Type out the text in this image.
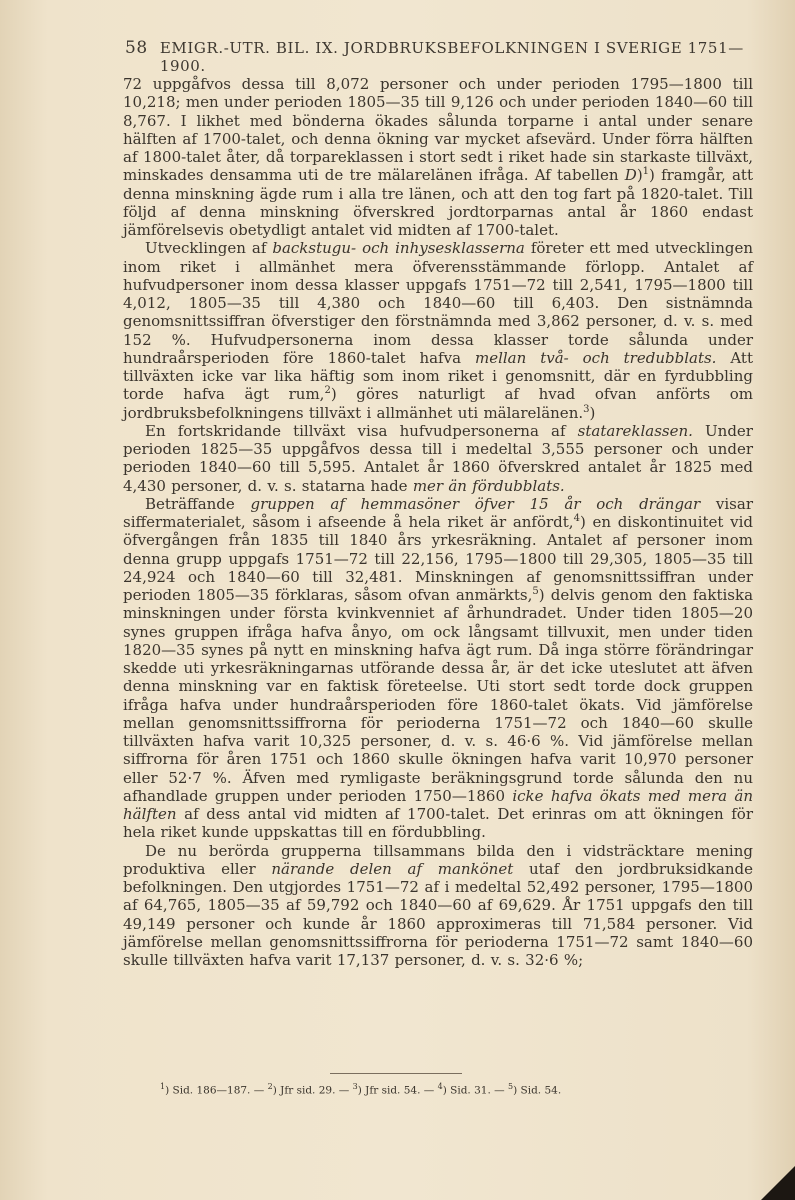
58 EMIGR.-UTR. BIL. IX. JORDBRUKSBEFOLKNINGEN I SVERIGE 1751—1900.

72 uppgåfvos dessa till 8,072 personer och under perioden 1795—1800 till 10,218; men under perioden 1805—35 till 9,126 och under perioden 1840—60 till 8,767. I likhet med bönderna ökades sålunda torparne i antal under senare hälften af 1700-talet, och denna ökning var mycket afsevärd. Under förra hälften af 1800-talet åter, då torpareklassen i stort sedt i riket hade sin starkaste tillväxt, minskades densamma uti de tre mälarelänen ifråga. Af tabellen D)$^1$) framgår, att denna minskning ägde rum i alla tre länen, och att den tog fart på 1820-talet. Till följd af denna minskning öfverskred jordtorparnas antal år 1860 endast jämförelsevis obetydligt antalet vid midten af 1700-talet.

Utvecklingen af backstugu- och inhysesklasserna företer ett med utvecklingen inom riket i allmänhet mera öfverensstämmande förlopp. Antalet af hufvudpersoner inom dessa klasser uppgafs 1751—72 till 2,541, 1795—1800 till 4,012, 1805—35 till 4,380 och 1840—60 till 6,403. Den sistnämnda genomsnittssiffran öfverstiger den förstnämnda med 3,862 personer, d. v. s. med 152 %. Hufvudpersonerna inom dessa klasser torde sålunda under hundraårsperioden före 1860-talet hafva mellan två- och tredubblats. Att tillväxten icke var lika häftig som inom riket i genomsnitt, där en fyrdubbling torde hafva ägt rum,$^2$) göres naturligt af hvad ofvan anförts om jordbruksbefolkningens tillväxt i allmänhet uti mälarelänen.$^3$)

En fortskridande tillväxt visa hufvudpersonerna af statareklassen. Under perioden 1825—35 uppgåfvos dessa till i medeltal 3,555 personer och under perioden 1840—60 till 5,595. Antalet år 1860 öfverskred antalet år 1825 med 4,430 personer, d. v. s. statarna hade mer än fördubblats.

Beträffande gruppen af hemmasöner öfver 15 år och drängar visar siffermaterialet, såsom i afseende å hela riket är anfördt,$^4$) en diskontinuitet vid öfvergången från 1835 till 1840 års yrkesräkning. Antalet af personer inom denna grupp uppgafs 1751—72 till 22,156, 1795—1800 till 29,305, 1805—35 till 24,924 och 1840—60 till 32,481. Minskningen af genomsnittssiffran under perioden 1805—35 förklaras, såsom ofvan anmärkts,$^5$) delvis genom den faktiska minskningen under första kvinkvenniet af århundradet. Under tiden 1805—20 synes gruppen ifråga hafva ånyo, om ock långsamt tillvuxit, men under tiden 1820—35 synes på nytt en minskning hafva ägt rum. Då inga större förändringar skedde uti yrkesräkningarnas utförande dessa år, är det icke uteslutet att äfven denna minskning var en faktisk företeelse. Uti stort sedt torde dock gruppen ifråga hafva under hundraårsperioden före 1860-talet ökats. Vid jämförelse mellan genomsnittssiffrorna för perioderna 1751—72 och 1840—60 skulle tillväxten hafva varit 10,325 personer, d. v. s. 46·6 %. Vid jämförelse mellan siffrorna för åren 1751 och 1860 skulle ökningen hafva varit 10,970 personer eller 52·7 %. Äfven med rymligaste beräkningsgrund torde sålunda den nu afhandlade gruppen under perioden 1750—1860 icke hafva ökats med mera än hälften af dess antal vid midten af 1700-talet. Det erinras om att ökningen för hela riket kunde uppskattas till en fördubbling.

De nu berörda grupperna tillsammans bilda den i vidsträcktare mening produktiva eller närande delen af mankönet utaf den jordbruksidkande befolkningen. Den utgjordes 1751—72 af i medeltal 52,492 personer, 1795—1800 af 64,765, 1805—35 af 59,792 och 1840—60 af 69,629. År 1751 uppgafs den till 49,149 personer och kunde år 1860 approximeras till 71,584 personer. Vid jämförelse mellan genomsnittssiffrorna för perioderna 1751—72 samt 1840—60 skulle tillväxten hafva varit 17,137 personer, d. v. s. 32·6 %;

$^1$) Sid. 186—187. — $^2$) Jfr sid. 29. — $^3$) Jfr sid. 54. — $^4$) Sid. 31. — $^5$) Sid. 54.
